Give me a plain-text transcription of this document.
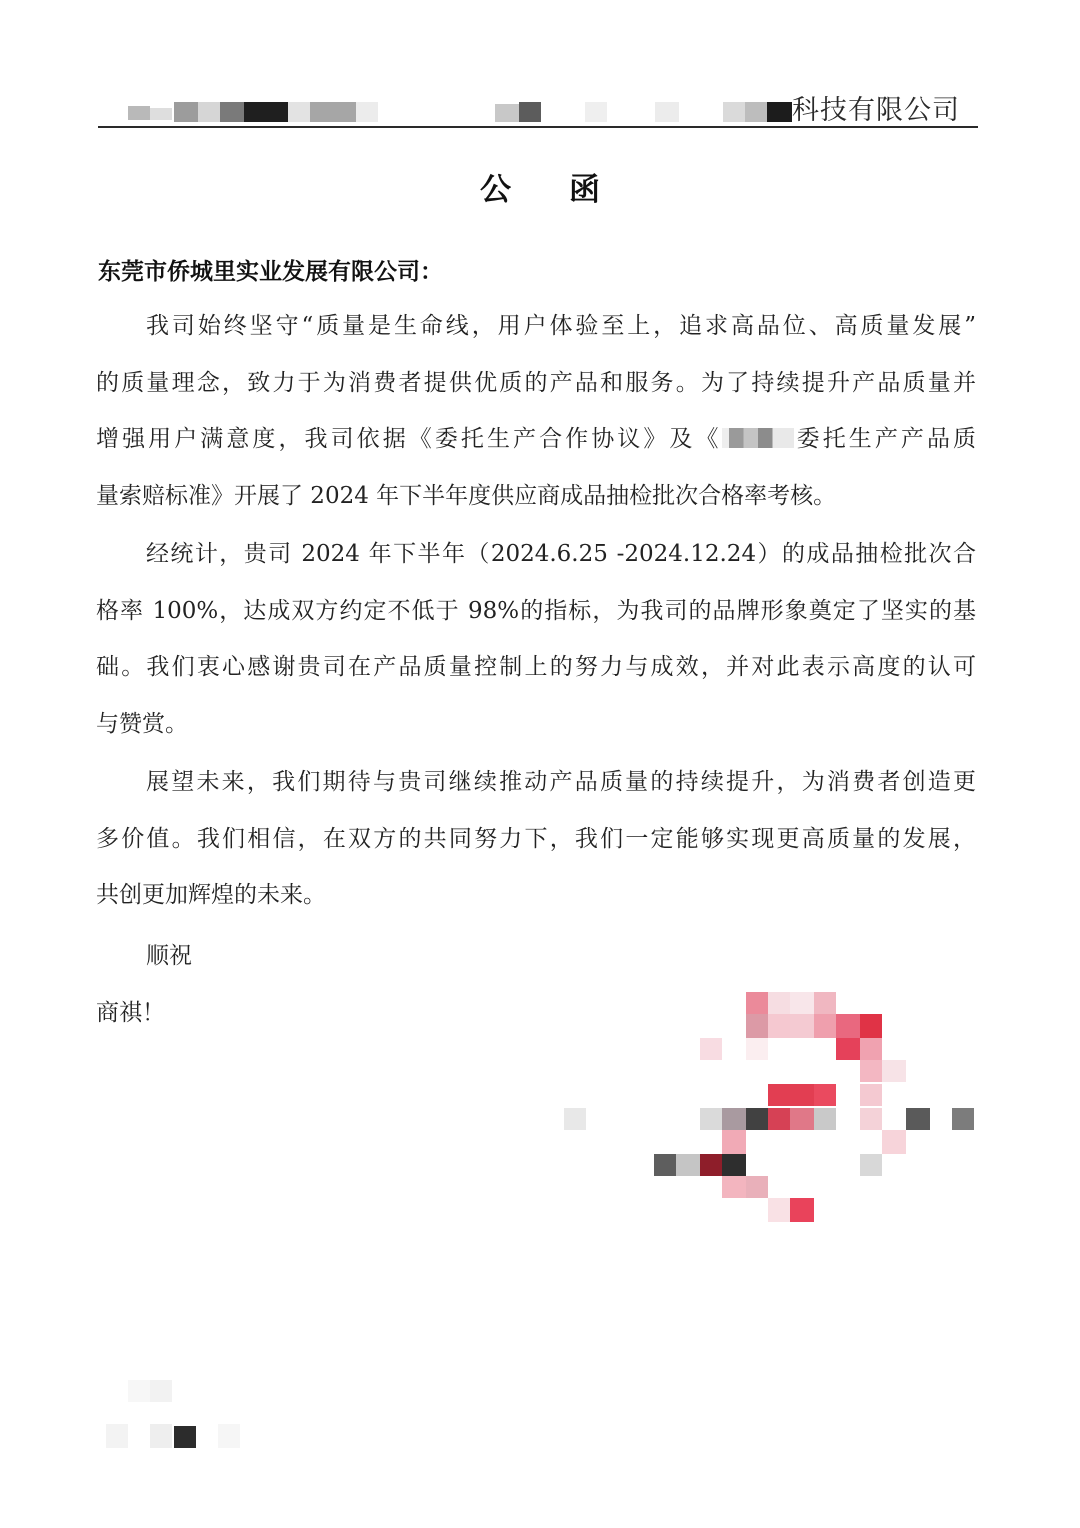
科技有限公司
公函
东莞市侨城里实业发展有限公司：
我司始终坚守“质量是生命线，用户体验至上，追求高品位、高质量发展”
的质量理念，致力于为消费者提供优质的产品和服务。为了持续提升产品质量并
增强用户满意度，我司依据《委托生产合作协议》及《	委托生产产品质
量索赔标准》开展了 2024 年下半年度供应商成品抽检批次合格率考核。
经统计，贵司 2024 年下半年（2024.6.25 -2024.12.24）的成品抽检批次合
格率 100%，达成双方约定不低于 98%的指标，为我司的品牌形象奠定了坚实的基
础。我们衷心感谢贵司在产品质量控制上的努力与成效，并对此表示高度的认可
与赞赏。
展望未来，我们期待与贵司继续推动产品质量的持续提升，为消费者创造更
多价值。我们相信，在双方的共同努力下，我们一定能够实现更高质量的发展，
共创更加辉煌的未来。
顺祝
商祺！
